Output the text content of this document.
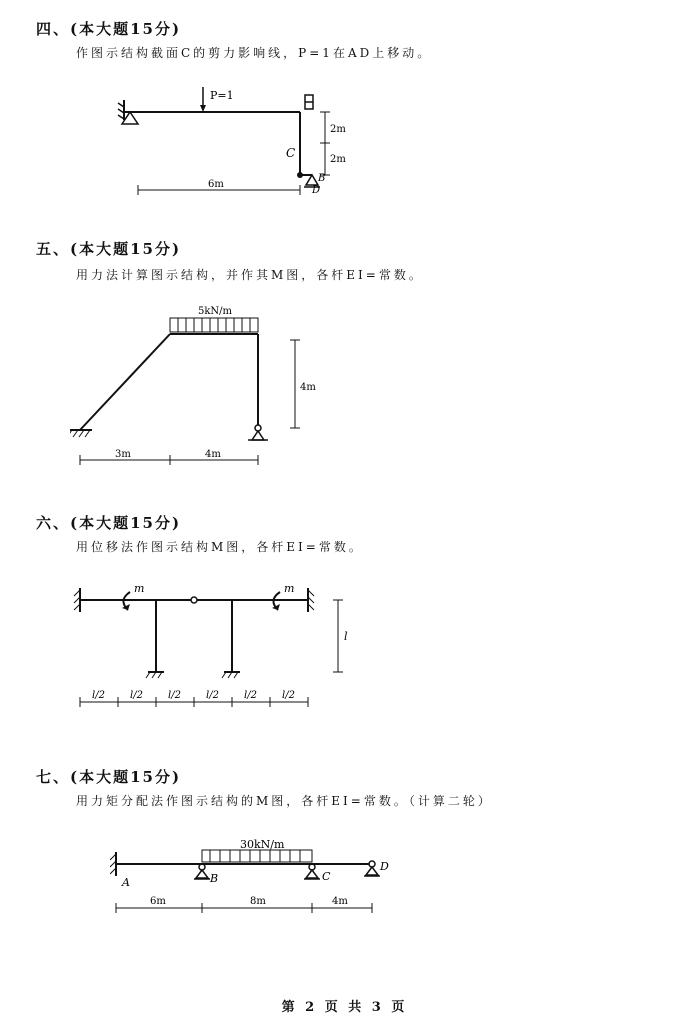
四、(本大题15分)
作图示结构截面C的剪力影响线，P=1在AD上移动。
P=1
C
2m
2m
B
D
6m
五、(本大题15分)
用力法计算图示结构，并作其M图，各杆EI=常数。
5kN/m
4m
3m	4m
六、(本大题15分)
用位移法作图示结构M图，各杆EI=常数。
m	m
l
l/2	l/2	l/2	l/2	l/2	l/2
七、(本大题15分)
用力矩分配法作图示结构的M图，各杆EI=常数。（计算二轮）
A
30kN/m
B	C
D
6m	8m	4m
第 2 页 共 3 页
